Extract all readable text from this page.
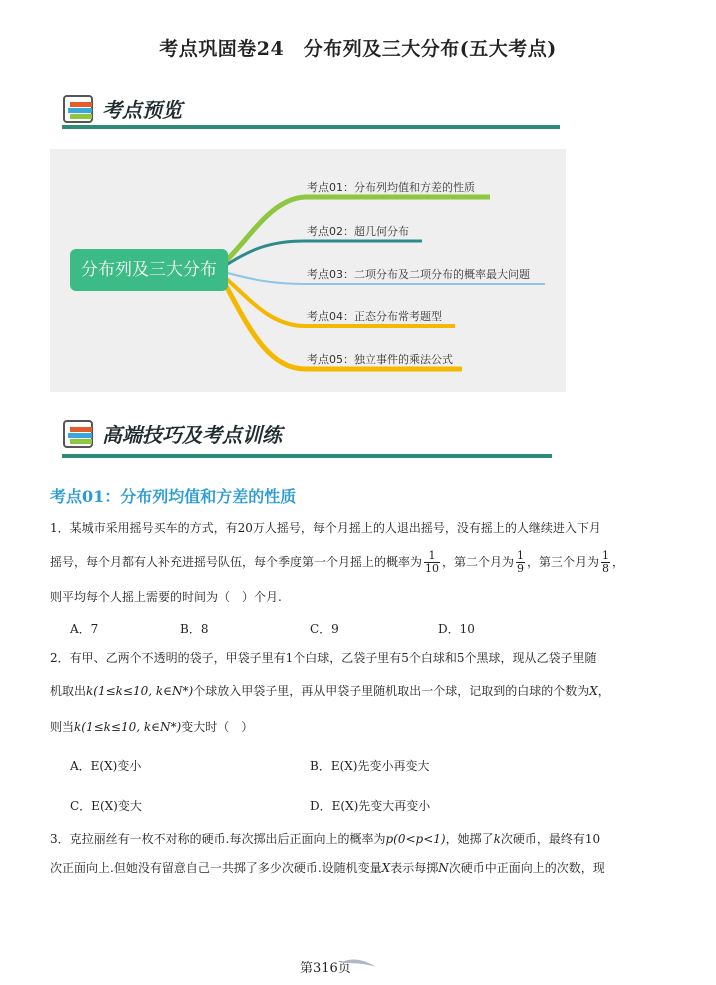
考点巩固卷24　分布列及三大分布(五大考点)
考点预览
分布列及三大分布
考点01：分布列均值和方差的性质
考点02：超几何分布
考点03：二项分布及二项分布的概率最大问题
考点04：正态分布常考题型
考点05：独立事件的乘法公式
高端技巧及考点训练
考点01：分布列均值和方差的性质
1．某城市采用摇号买车的方式，有20万人摇号，每个月摇上的人退出摇号，没有摇上的人继续进入下月
摇号，每个月都有人补充进摇号队伍，每个季度第一个月摇上的概率为 $\frac{1}{10}$ ，第二个月为 $\frac{1}{9}$ ，第三个月为 $\frac{1}{8}$ ，
则平均每个人摇上需要的时间为（　）个月.
A．7	B．8	C．9	D．10
2．有甲、乙两个不透明的袋子，甲袋子里有1个白球，乙袋子里有5个白球和5个黑球，现从乙袋子里随
机取出k(1≤k≤10, k∈N*)个球放入甲袋子里，再从甲袋子里随机取出一个球，记取到的白球的个数为X，
则当k(1≤k≤10, k∈N*)变大时（　）
A．E(X)变小	B．E(X)先变小再变大
C．E(X)变大	D．E(X)先变大再变小
3．克拉丽丝有一枚不对称的硬币.每次掷出后正面向上的概率为p(0<p<1)，她掷了k次硬币，最终有10
次正面向上.但她没有留意自己一共掷了多少次硬币.设随机变量X表示每掷N次硬币中正面向上的次数，现
第316页
